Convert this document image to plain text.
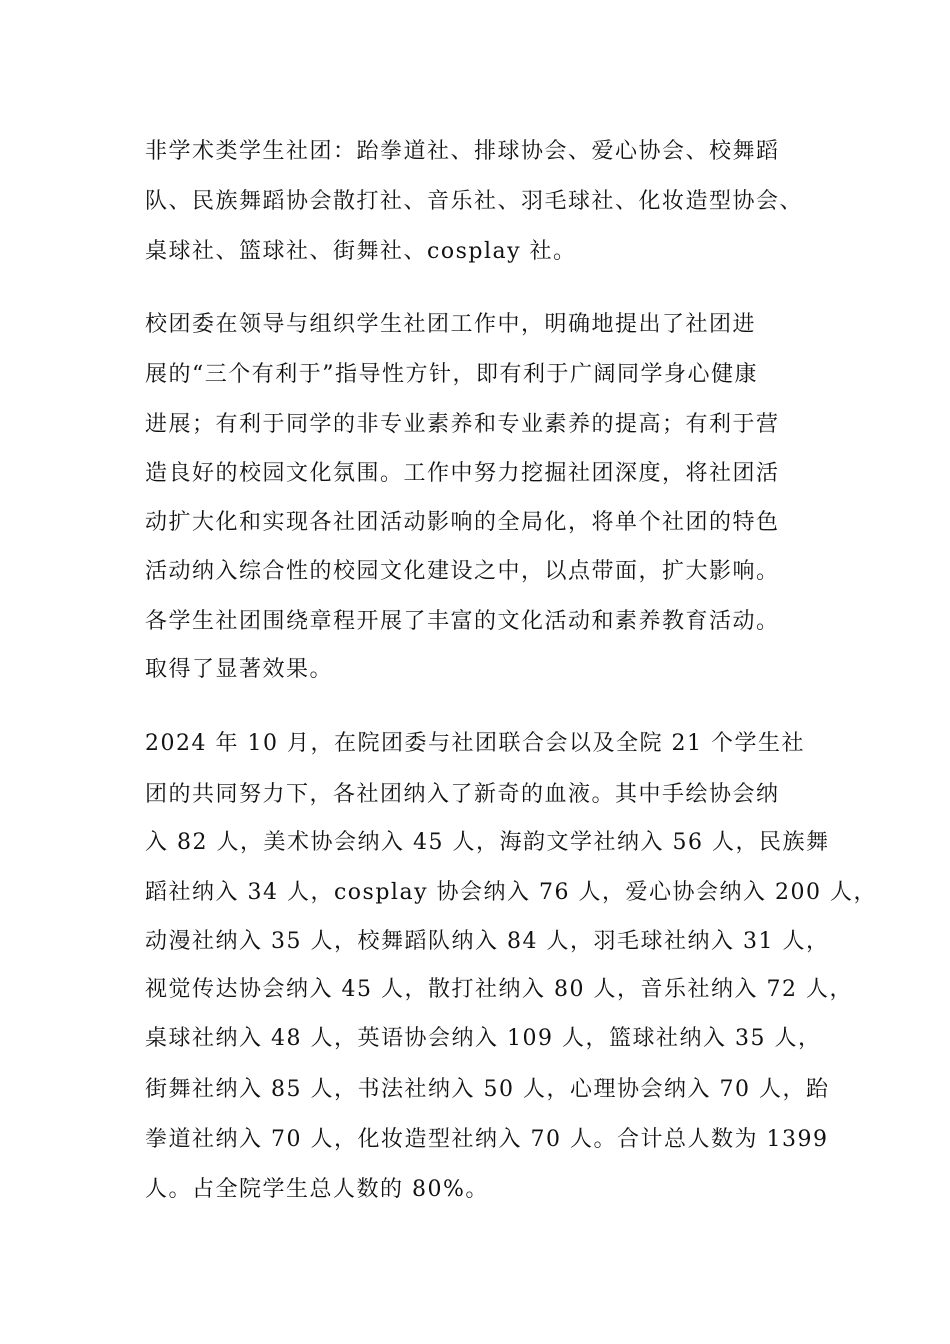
非学术类学生社团：跆拳道社、排球协会、爱心协会、校舞蹈

队、民族舞蹈协会散打社、音乐社、羽毛球社、化妆造型协会、

桌球社、篮球社、街舞社、cosplay 社。

校团委在领导与组织学生社团工作中，明确地提出了社团进

展的“三个有利于”指导性方针，即有利于广阔同学身心健康

进展；有利于同学的非专业素养和专业素养的提高；有利于营

造良好的校园文化氛围。工作中努力挖掘社团深度，将社团活

动扩大化和实现各社团活动影响的全局化，将单个社团的特色

活动纳入综合性的校园文化建设之中，以点带面，扩大影响。

各学生社团围绕章程开展了丰富的文化活动和素养教育活动。

取得了显著效果。

2024 年 10 月，在院团委与社团联合会以及全院 21 个学生社

团的共同努力下，各社团纳入了新奇的血液。其中手绘协会纳

入 82 人，美术协会纳入 45 人，海韵文学社纳入 56 人，民族舞

蹈社纳入 34 人，cosplay 协会纳入 76 人，爱心协会纳入 200 人，

动漫社纳入 35 人，校舞蹈队纳入 84 人，羽毛球社纳入 31 人，

视觉传达协会纳入 45 人，散打社纳入 80 人，音乐社纳入 72 人，

桌球社纳入 48 人，英语协会纳入 109 人，篮球社纳入 35 人，

街舞社纳入 85 人，书法社纳入 50 人，心理协会纳入 70 人，跆

拳道社纳入 70 人，化妆造型社纳入 70 人。合计总人数为 1399

人。占全院学生总人数的 80%。
